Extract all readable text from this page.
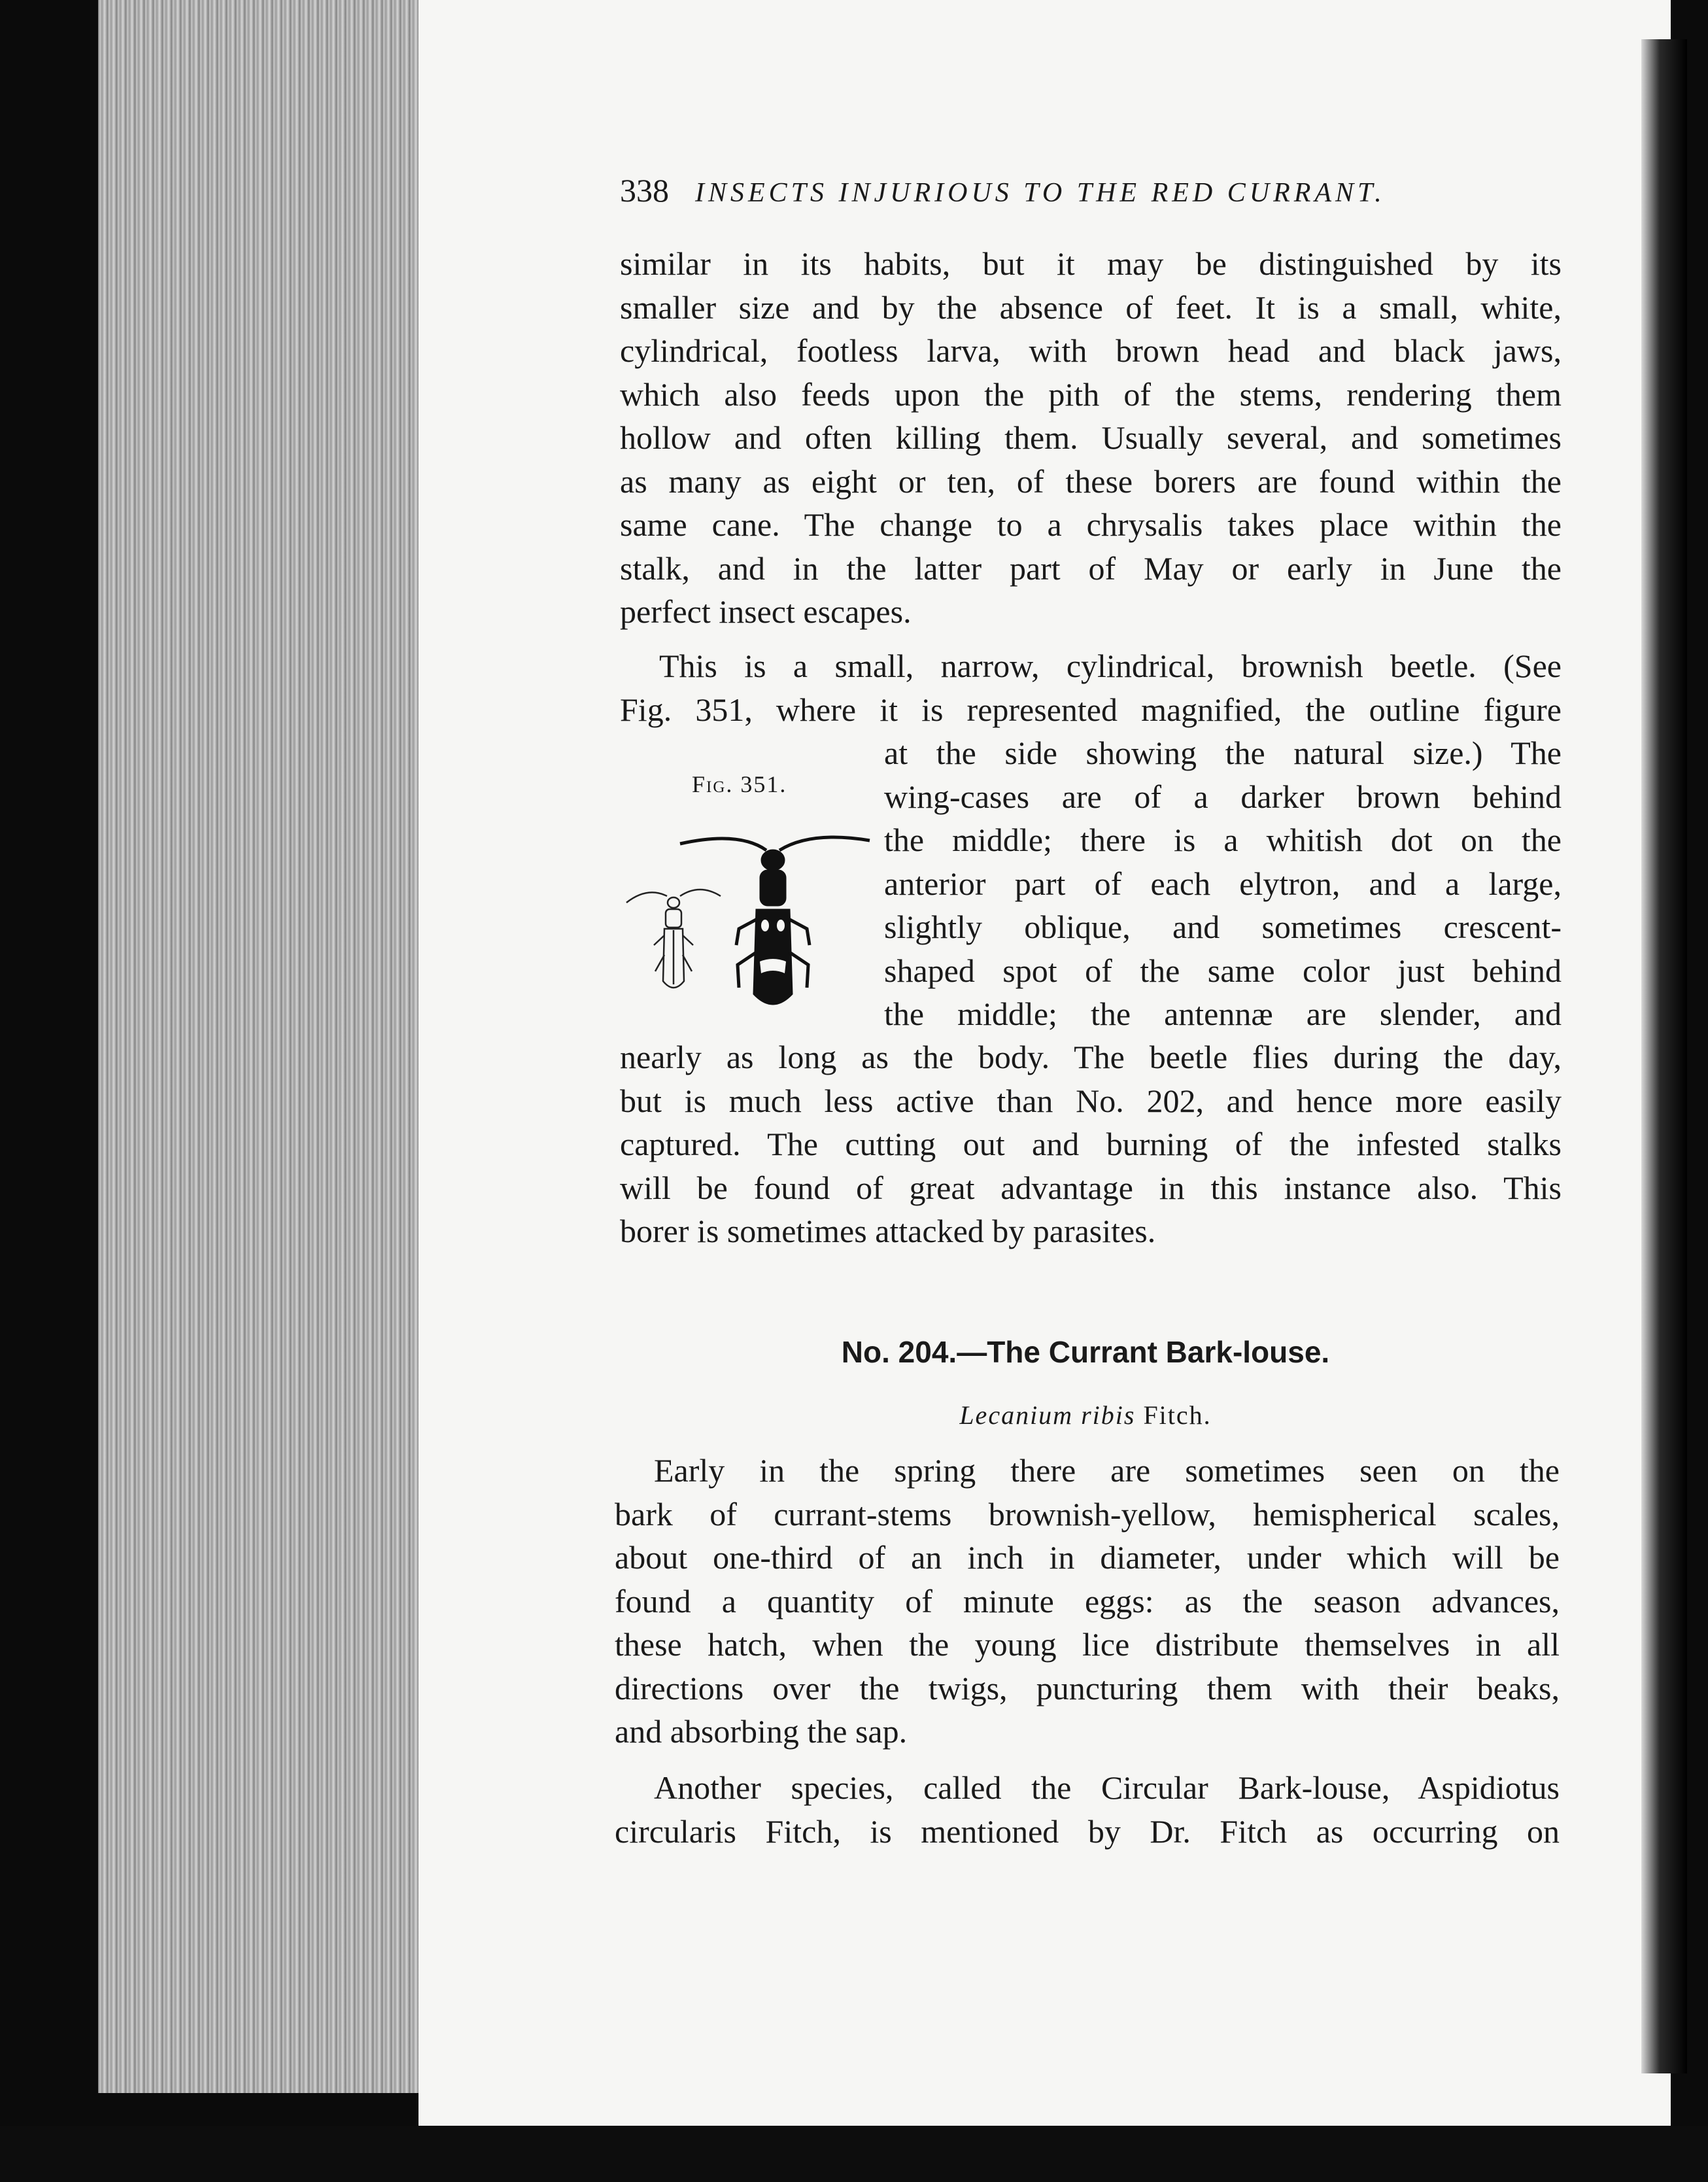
338 INSECTS INJURIOUS TO THE RED CURRANT.
similar in its habits, but it may be distinguished by its
smaller size and by the absence of feet. It is a small, white,
cylindrical, footless larva, with brown head and black jaws,
which also feeds upon the pith of the stems, rendering them
hollow and often killing them. Usually several, and sometimes
as many as eight or ten, of these borers are found within the
same cane. The change to a chrysalis takes place within the
stalk, and in the latter part of May or early in June the
perfect insect escapes.
This is a small, narrow, cylindrical, brownish beetle. (See
Fig. 351, where it is represented magnified, the outline figure
Fig. 351.
at the side showing the natural size.) The
wing-cases are of a darker brown behind
the middle; there is a whitish dot on the
anterior part of each elytron, and a large,
slightly oblique, and sometimes crescent-
shaped spot of the same color just behind
the middle; the antennæ are slender, and
nearly as long as the body. The beetle flies during the day,
but is much less active than No. 202, and hence more easily
captured. The cutting out and burning of the infested stalks
will be found of great advantage in this instance also. This
borer is sometimes attacked by parasites.
No. 204.—The Currant Bark-louse.
Lecanium ribis Fitch.
Early in the spring there are sometimes seen on the
bark of currant-stems brownish-yellow, hemispherical scales,
about one-third of an inch in diameter, under which will be
found a quantity of minute eggs: as the season advances,
these hatch, when the young lice distribute themselves in all
directions over the twigs, puncturing them with their beaks,
and absorbing the sap.
Another species, called the Circular Bark-louse, Aspidiotus
circularis Fitch, is mentioned by Dr. Fitch as occurring on
